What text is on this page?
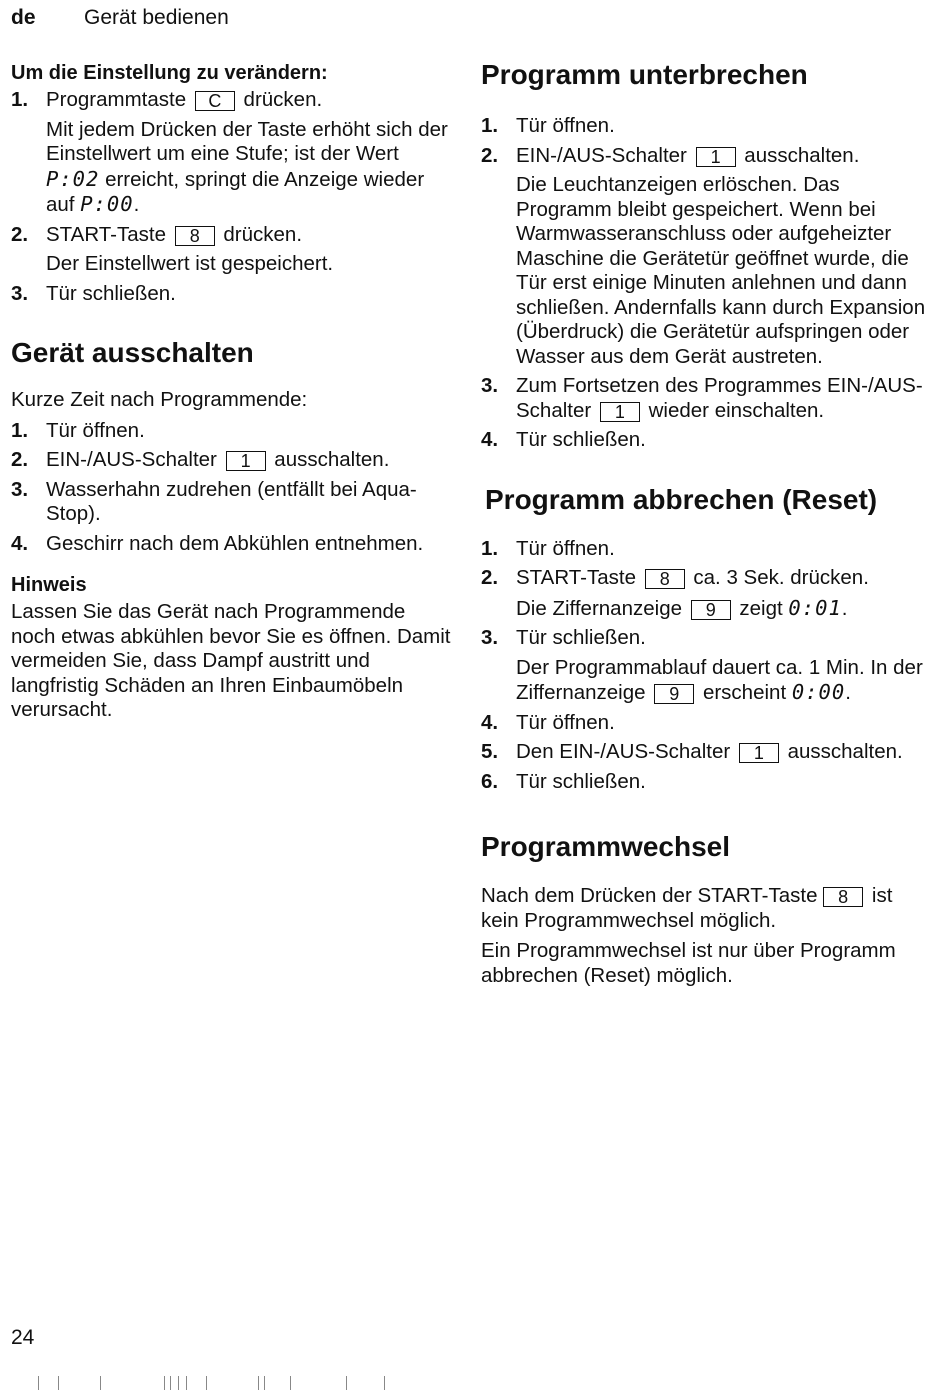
de Gerät bedienen
Um die Einstellung zu verändern:
1. Programmtaste C drücken.
Mit jedem Drücken der Taste erhöht sich der Einstellwert um eine Stufe; ist der Wert P:02 erreicht, springt die Anzeige wieder auf P:00.
2. START-Taste 8 drücken.
Der Einstellwert ist gespeichert.
3. Tür schließen.
Gerät ausschalten
Kurze Zeit nach Programmende:
1. Tür öffnen.
2. EIN-/AUS-Schalter 1 ausschalten.
3. Wasserhahn zudrehen (entfällt bei Aqua-Stop).
4. Geschirr nach dem Abkühlen entnehmen.
Hinweis
Lassen Sie das Gerät nach Programmende noch etwas abkühlen bevor Sie es öffnen. Damit vermeiden Sie, dass Dampf austritt und langfristig Schäden an Ihren Einbaumöbeln verursacht.
Programm unterbrechen
1. Tür öffnen.
2. EIN-/AUS-Schalter 1 ausschalten.
Die Leuchtanzeigen erlöschen. Das Programm bleibt gespeichert. Wenn bei Warmwasseranschluss oder aufgeheizter Maschine die Gerätetür geöffnet wurde, die Tür erst einige Minuten anlehnen und dann schließen. Andernfalls kann durch Expansion (Überdruck) die Gerätetür aufspringen oder Wasser aus dem Gerät austreten.
3. Zum Fortsetzen des Programmes EIN-/AUS-Schalter 1 wieder einschalten.
4. Tür schließen.
Programm abbrechen (Reset)
1. Tür öffnen.
2. START-Taste 8 ca. 3 Sek. drücken.
Die Ziffernanzeige 9 zeigt 0:01.
3. Tür schließen.
Der Programmablauf dauert ca. 1 Min. In der Ziffernanzeige 9 erscheint 0:00.
4. Tür öffnen.
5. Den EIN-/AUS-Schalter 1 ausschalten.
6. Tür schließen.
Programmwechsel
Nach dem Drücken der START-Taste 8 ist kein Programmwechsel möglich.
Ein Programmwechsel ist nur über Programm abbrechen (Reset) möglich.
24
